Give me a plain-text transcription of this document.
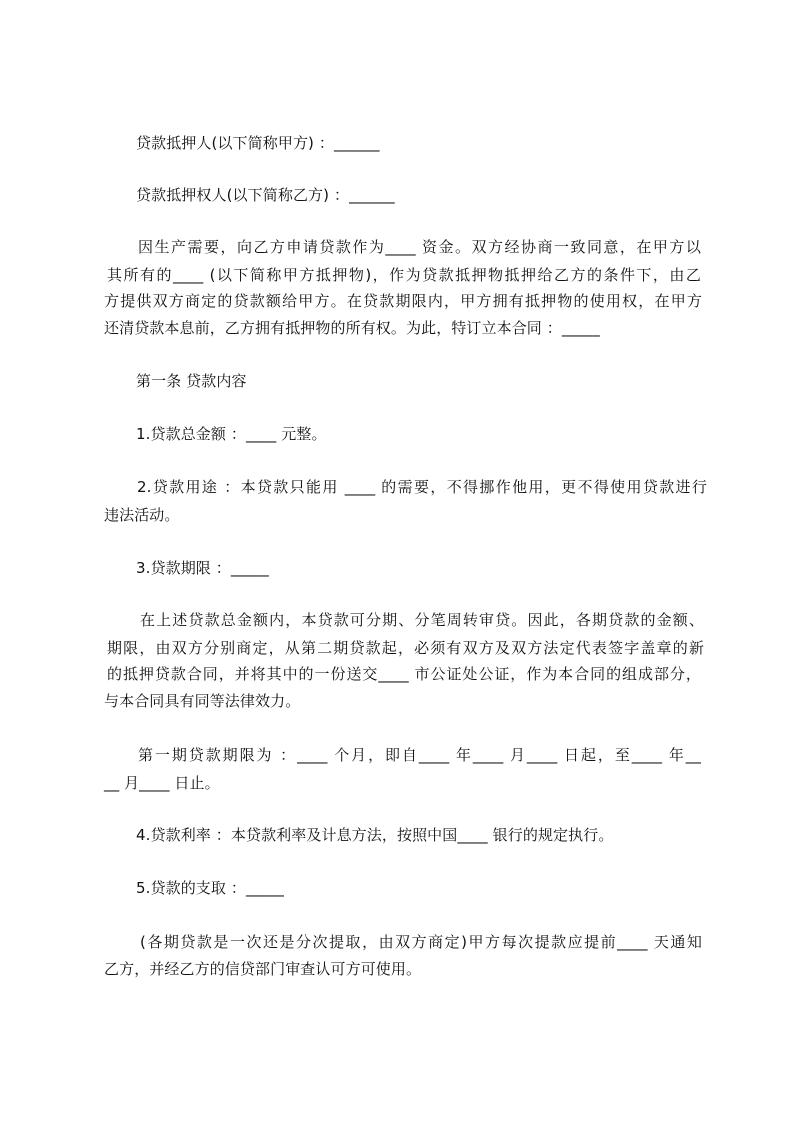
贷款抵押人(以下简称甲方) ：______
贷款抵押权人(以下简称乙方) ：______
因生产需要，向乙方申请贷款作为____ 资金。双方经协商一致同意，在甲方以
其所有的____ (以下简称甲方抵押物)，作为贷款抵押物抵押给乙方的条件下，由乙
方提供双方商定的贷款额给甲方。在贷款期限内，甲方拥有抵押物的使用权，在甲方
还清贷款本息前，乙方拥有抵押物的所有权。为此，特订立本合同 ：_____
第一条 贷款内容
1.贷款总金额 ：____ 元整。
2.贷款用途 ：本贷款只能用 ____ 的需要，不得挪作他用，更不得使用贷款进行
违法活动。
3.贷款期限 ：_____
在上述贷款总金额内，本贷款可分期、分笔周转审贷。因此，各期贷款的金额、
期限，由双方分别商定，从第二期贷款起，必须有双方及双方法定代表签字盖章的新
的抵押贷款合同，并将其中的一份送交____ 市公证处公证，作为本合同的组成部分，
与本合同具有同等法律效力。
第一期贷款期限为 ：____ 个月，即自____ 年____ 月____ 日起，至____ 年__
__ 月____ 日止。
4.贷款利率 ：本贷款利率及计息方法，按照中国____ 银行的规定执行。
5.贷款的支取 ：_____
(各期贷款是一次还是分次提取，由双方商定)甲方每次提款应提前____ 天通知
乙方，并经乙方的信贷部门审查认可方可使用。
